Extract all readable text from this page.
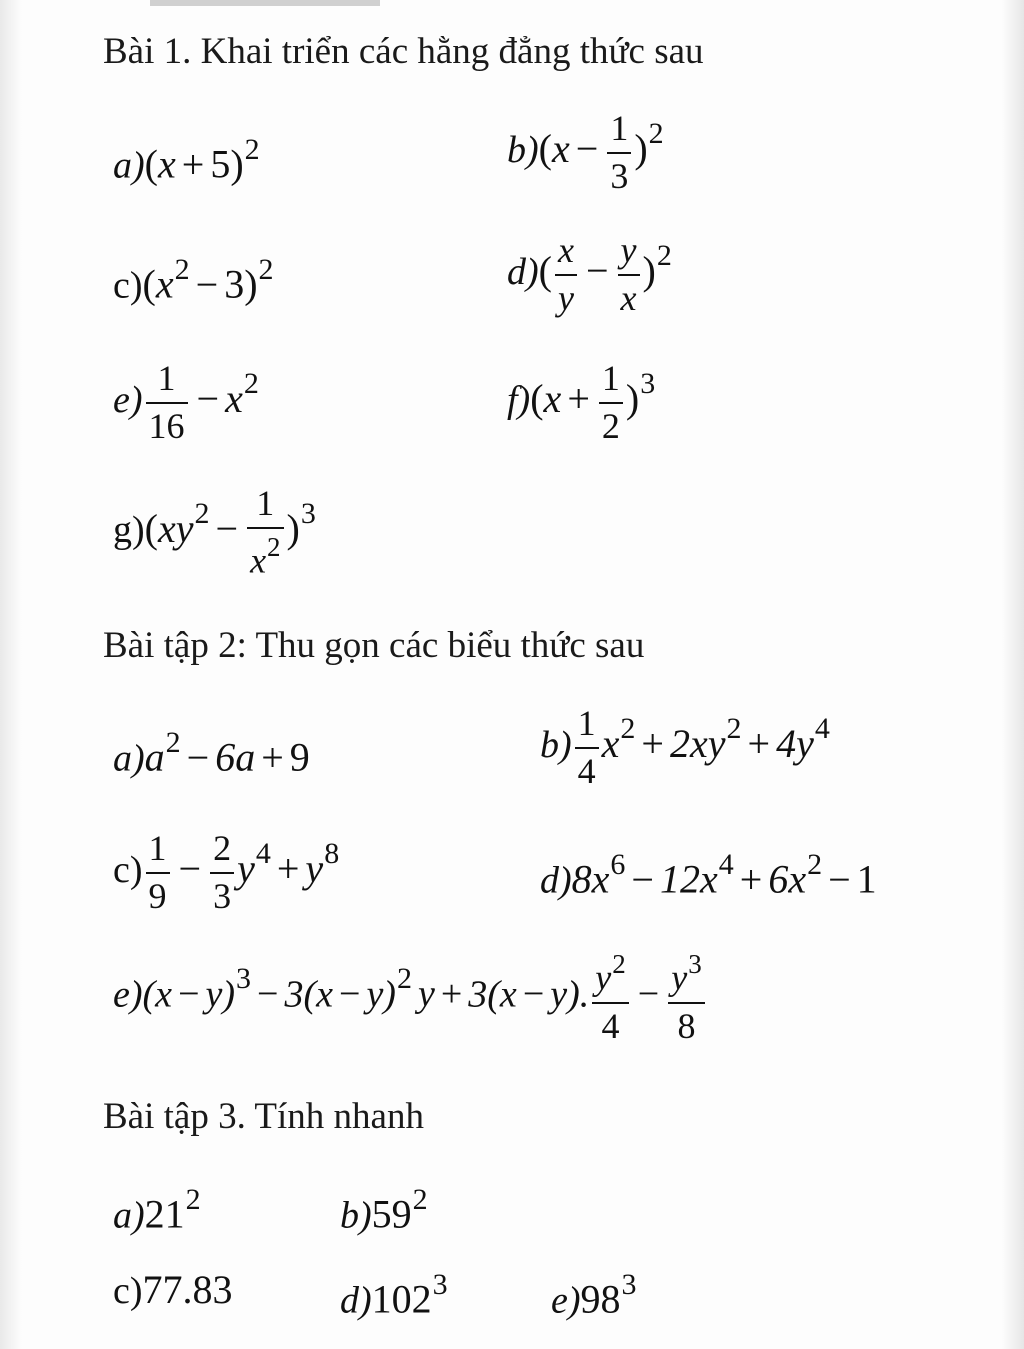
Bài 1. Khai triển các hằng đẳng thức sau
a)(x + 5)2	$b)(x - \frac{1}{3} )2$
c)(x2 − 3)2	$d)( \frac{x}{y} - \frac{y}{x} )2$
$e) \frac{1}{16} - x2$	$f)(x + \frac{1}{2} )3$
$g)(xy2 - \frac{1}{x2} )3$
Bài tập 2: Thu gọn các biểu thức sau
a)a2 − 6a + 9	$b) \frac{1}{4} x2 + 2xy2 + 4y4$
$c) \frac{1}{9} - \frac{2}{3} y4 + y8$
d)8x6 − 12x4 + 6x2 − 1
e)(x − y)3 − 3(x − y)2 y + 3(x − y). $\frac{y2}{4} - \frac{y3}{8}$
Bài tập 3. Tính nhanh
a)212	b)592
c)77.83	d)1023	e)983
